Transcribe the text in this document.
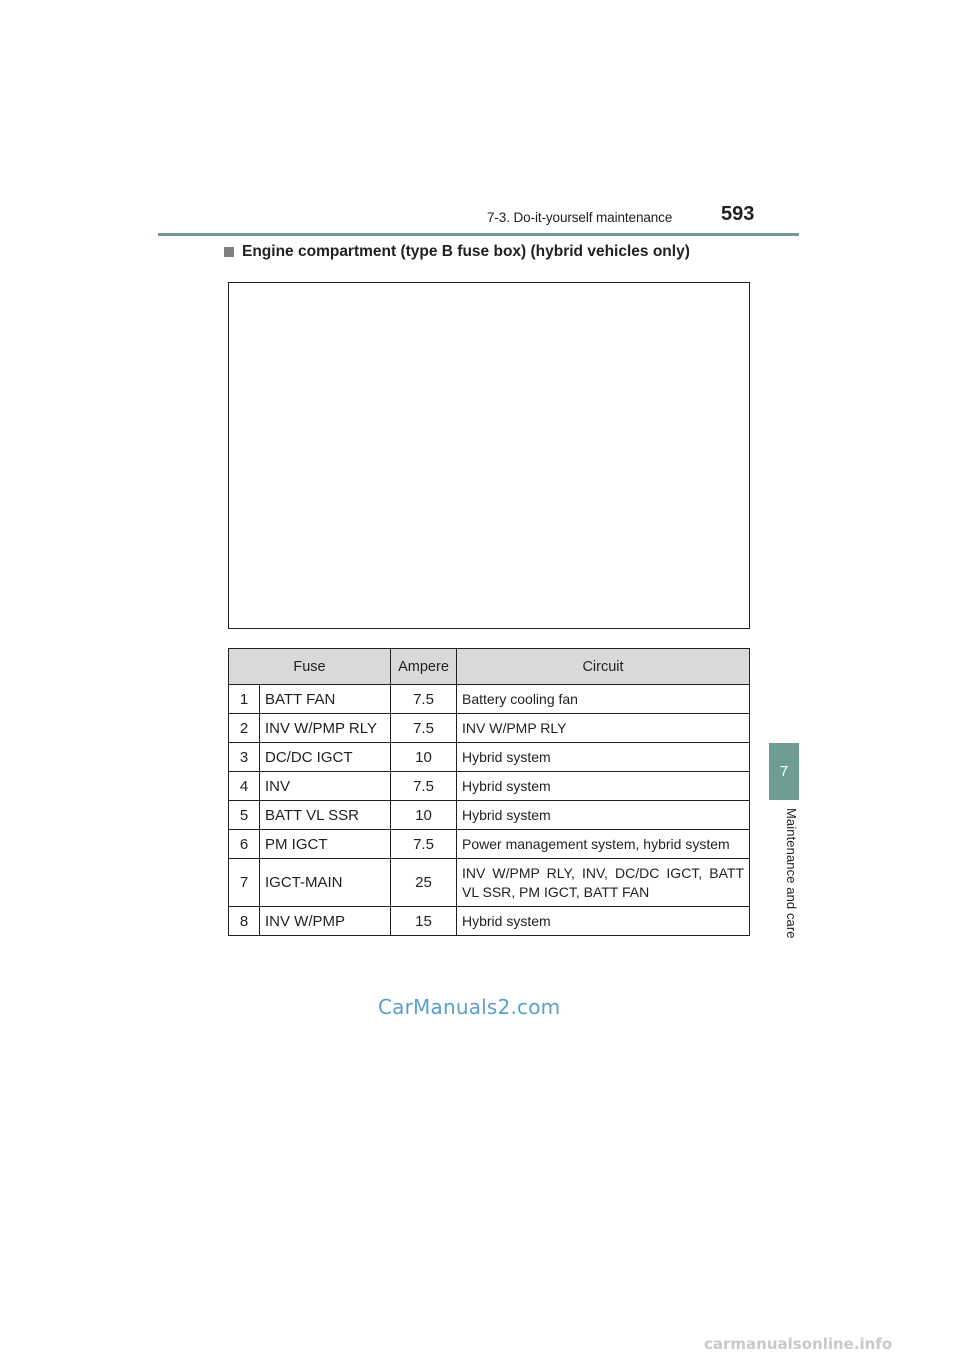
7-3. Do-it-yourself maintenance 593
7
Maintenance and care
Engine compartment (type B fuse box) (hybrid vehicles only)
Fuse		Ampere	Circuit
1	BATT FAN	7.5	Battery cooling fan
2	INV W/PMP RLY	7.5	INV W/PMP RLY
3	DC/DC IGCT	10	Hybrid system
4	INV	7.5	Hybrid system
5	BATT VL SSR	10	Hybrid system
6	PM IGCT	7.5	Power management system, hybrid system
7	IGCT-MAIN	25	INV W/PMP RLY, INV, DC/DC IGCT, BATT VL SSR, PM IGCT, BATT FAN
8	INV W/PMP	15	Hybrid system
CarManuals2.com
carmanualsonline.info
